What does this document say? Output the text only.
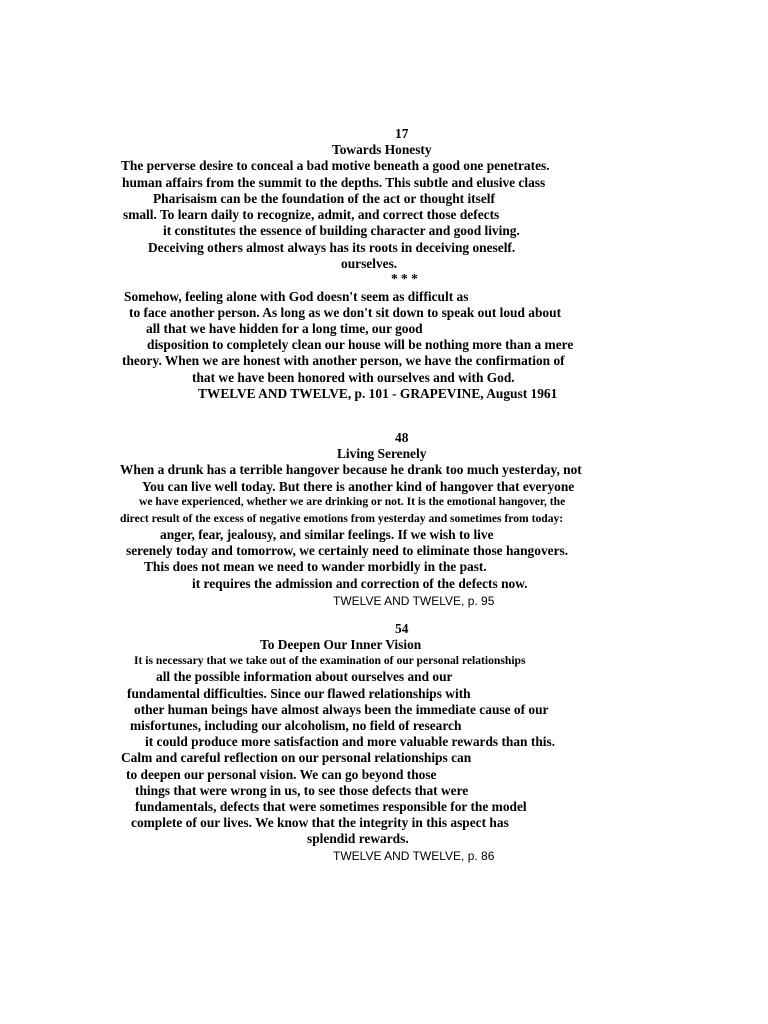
17

Towards Honesty

The perverse desire to conceal a bad motive beneath a good one penetrates.

human affairs from the summit to the depths. This subtle and elusive class

Pharisaism can be the foundation of the act or thought itself

small. To learn daily to recognize, admit, and correct those defects

it constitutes the essence of building character and good living.

Deceiving others almost always has its roots in deceiving oneself.

ourselves.

* * *

Somehow, feeling alone with God doesn't seem as difficult as

to face another person. As long as we don't sit down to speak out loud about

all that we have hidden for a long time, our good

disposition to completely clean our house will be nothing more than a mere

theory. When we are honest with another person, we have the confirmation of

that we have been honored with ourselves and with God.

TWELVE AND TWELVE, p. 101 - GRAPEVINE, August 1961

48

Living Serenely

When a drunk has a terrible hangover because he drank too much yesterday, not

You can live well today. But there is another kind of hangover that everyone

we have experienced, whether we are drinking or not. It is the emotional hangover, the

direct result of the excess of negative emotions from yesterday and sometimes from today:

anger, fear, jealousy, and similar feelings. If we wish to live

serenely today and tomorrow, we certainly need to eliminate those hangovers.

This does not mean we need to wander morbidly in the past.

it requires the admission and correction of the defects now.

TWELVE AND TWELVE, p. 95

54

To Deepen Our Inner Vision

It is necessary that we take out of the examination of our personal relationships

all the possible information about ourselves and our

fundamental difficulties. Since our flawed relationships with

other human beings have almost always been the immediate cause of our

misfortunes, including our alcoholism, no field of research

it could produce more satisfaction and more valuable rewards than this.

Calm and careful reflection on our personal relationships can

to deepen our personal vision. We can go beyond those

things that were wrong in us, to see those defects that were

fundamentals, defects that were sometimes responsible for the model

complete of our lives. We know that the integrity in this aspect has

splendid rewards.

TWELVE AND TWELVE, p. 86
